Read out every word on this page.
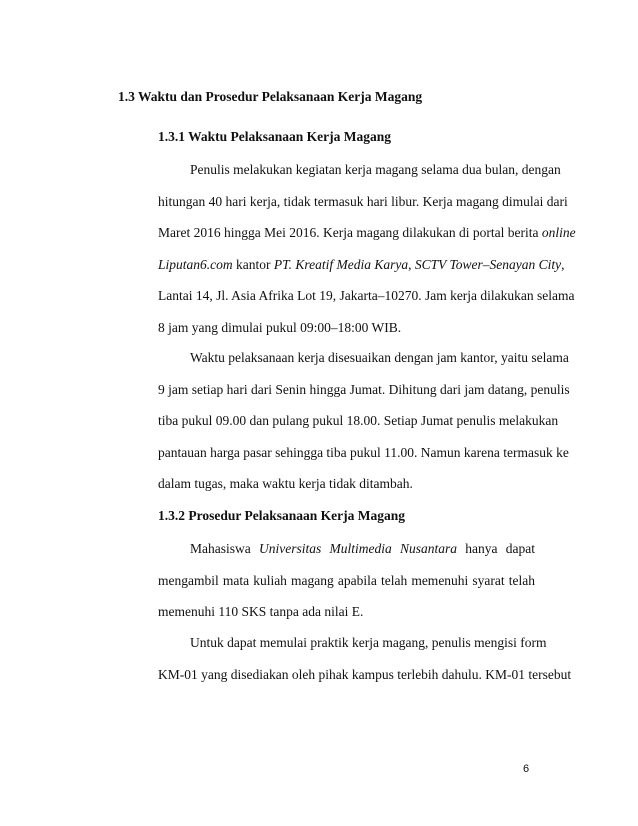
1.3 Waktu dan Prosedur Pelaksanaan Kerja Magang
1.3.1 Waktu Pelaksanaan Kerja Magang
Penulis melakukan kegiatan kerja magang selama dua bulan, dengan
hitungan 40 hari kerja, tidak termasuk hari libur. Kerja magang dimulai dari
Maret 2016 hingga Mei 2016. Kerja magang dilakukan di portal berita online
Liputan6.com kantor PT. Kreatif Media Karya, SCTV Tower–Senayan City,
Lantai 14, Jl. Asia Afrika Lot 19, Jakarta–10270. Jam kerja dilakukan selama
8 jam yang dimulai pukul 09:00–18:00 WIB.
Waktu pelaksanaan kerja disesuaikan dengan jam kantor, yaitu selama
9 jam setiap hari dari Senin hingga Jumat. Dihitung dari jam datang, penulis
tiba pukul 09.00 dan pulang pukul 18.00. Setiap Jumat penulis melakukan
pantauan harga pasar sehingga tiba pukul 11.00. Namun karena termasuk ke
dalam tugas, maka waktu kerja tidak ditambah.
1.3.2 Prosedur Pelaksanaan Kerja Magang
Mahasiswa Universitas Multimedia Nusantara hanya dapat
mengambil mata kuliah magang apabila telah memenuhi syarat telah
memenuhi 110 SKS tanpa ada nilai E.
Untuk dapat memulai praktik kerja magang, penulis mengisi form
KM-01 yang disediakan oleh pihak kampus terlebih dahulu. KM-01 tersebut
6
